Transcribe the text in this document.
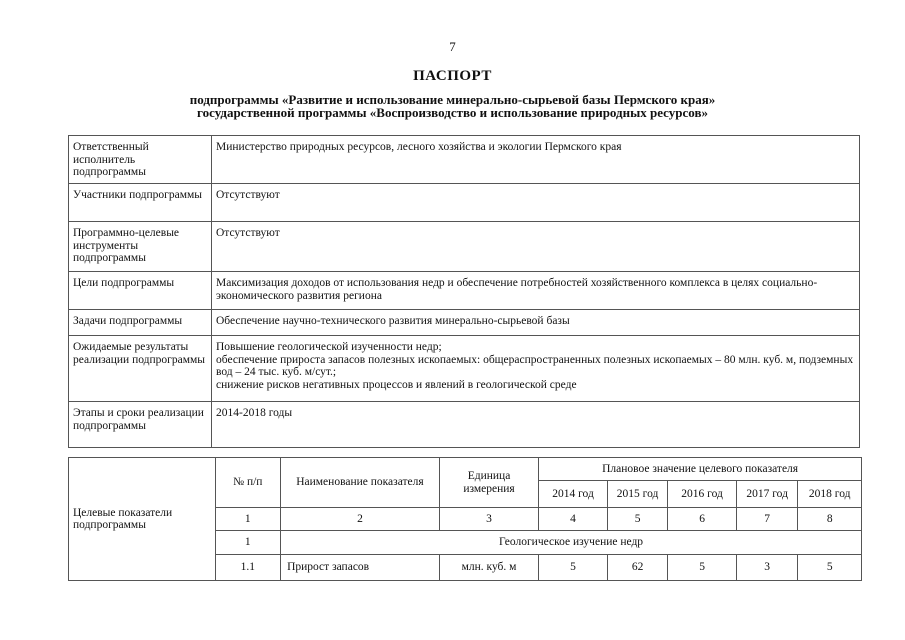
7
ПАСПОРТ
подпрограммы «Развитие и использование минерально-сырьевой базы Пермского края»
государственной программы «Воспроизводство и использование природных ресурсов»
Ответственный исполнитель подпрограммы	Министерство природных ресурсов, лесного хозяйства и экологии Пермского края
Участники подпрограммы	Отсутствуют
Программно-целевые инструменты подпрограммы	Отсутствуют
Цели подпрограммы	Максимизация доходов от использования недр и обеспечение потребностей хозяйственного комплекса в целях социально-экономического развития региона
Задачи подпрограммы	Обеспечение научно-технического развития минерально-сырьевой базы
Ожидаемые результаты реализации подпрограммы	Повышение геологической изученности недр;
обеспечение прироста запасов полезных ископаемых: общераспространенных полезных ископаемых – 80 млн. куб. м, подземных вод – 24 тыс. куб. м/сут.;
снижение рисков негативных процессов и явлений в геологической среде
Этапы и сроки реализации подпрограммы	2014-2018 годы
Целевые показатели подпрограммы	№ п/п	Наименование показателя	Единица измерения	Плановое значение целевого показателя				
				2014 год	2015 год	2016 год	2017 год	2018 год
	1	2	3	4	5	6	7	8
	1	Геологическое изучение недр						
	1.1	Прирост запасов	млн. куб. м	5	62	5	3	5
